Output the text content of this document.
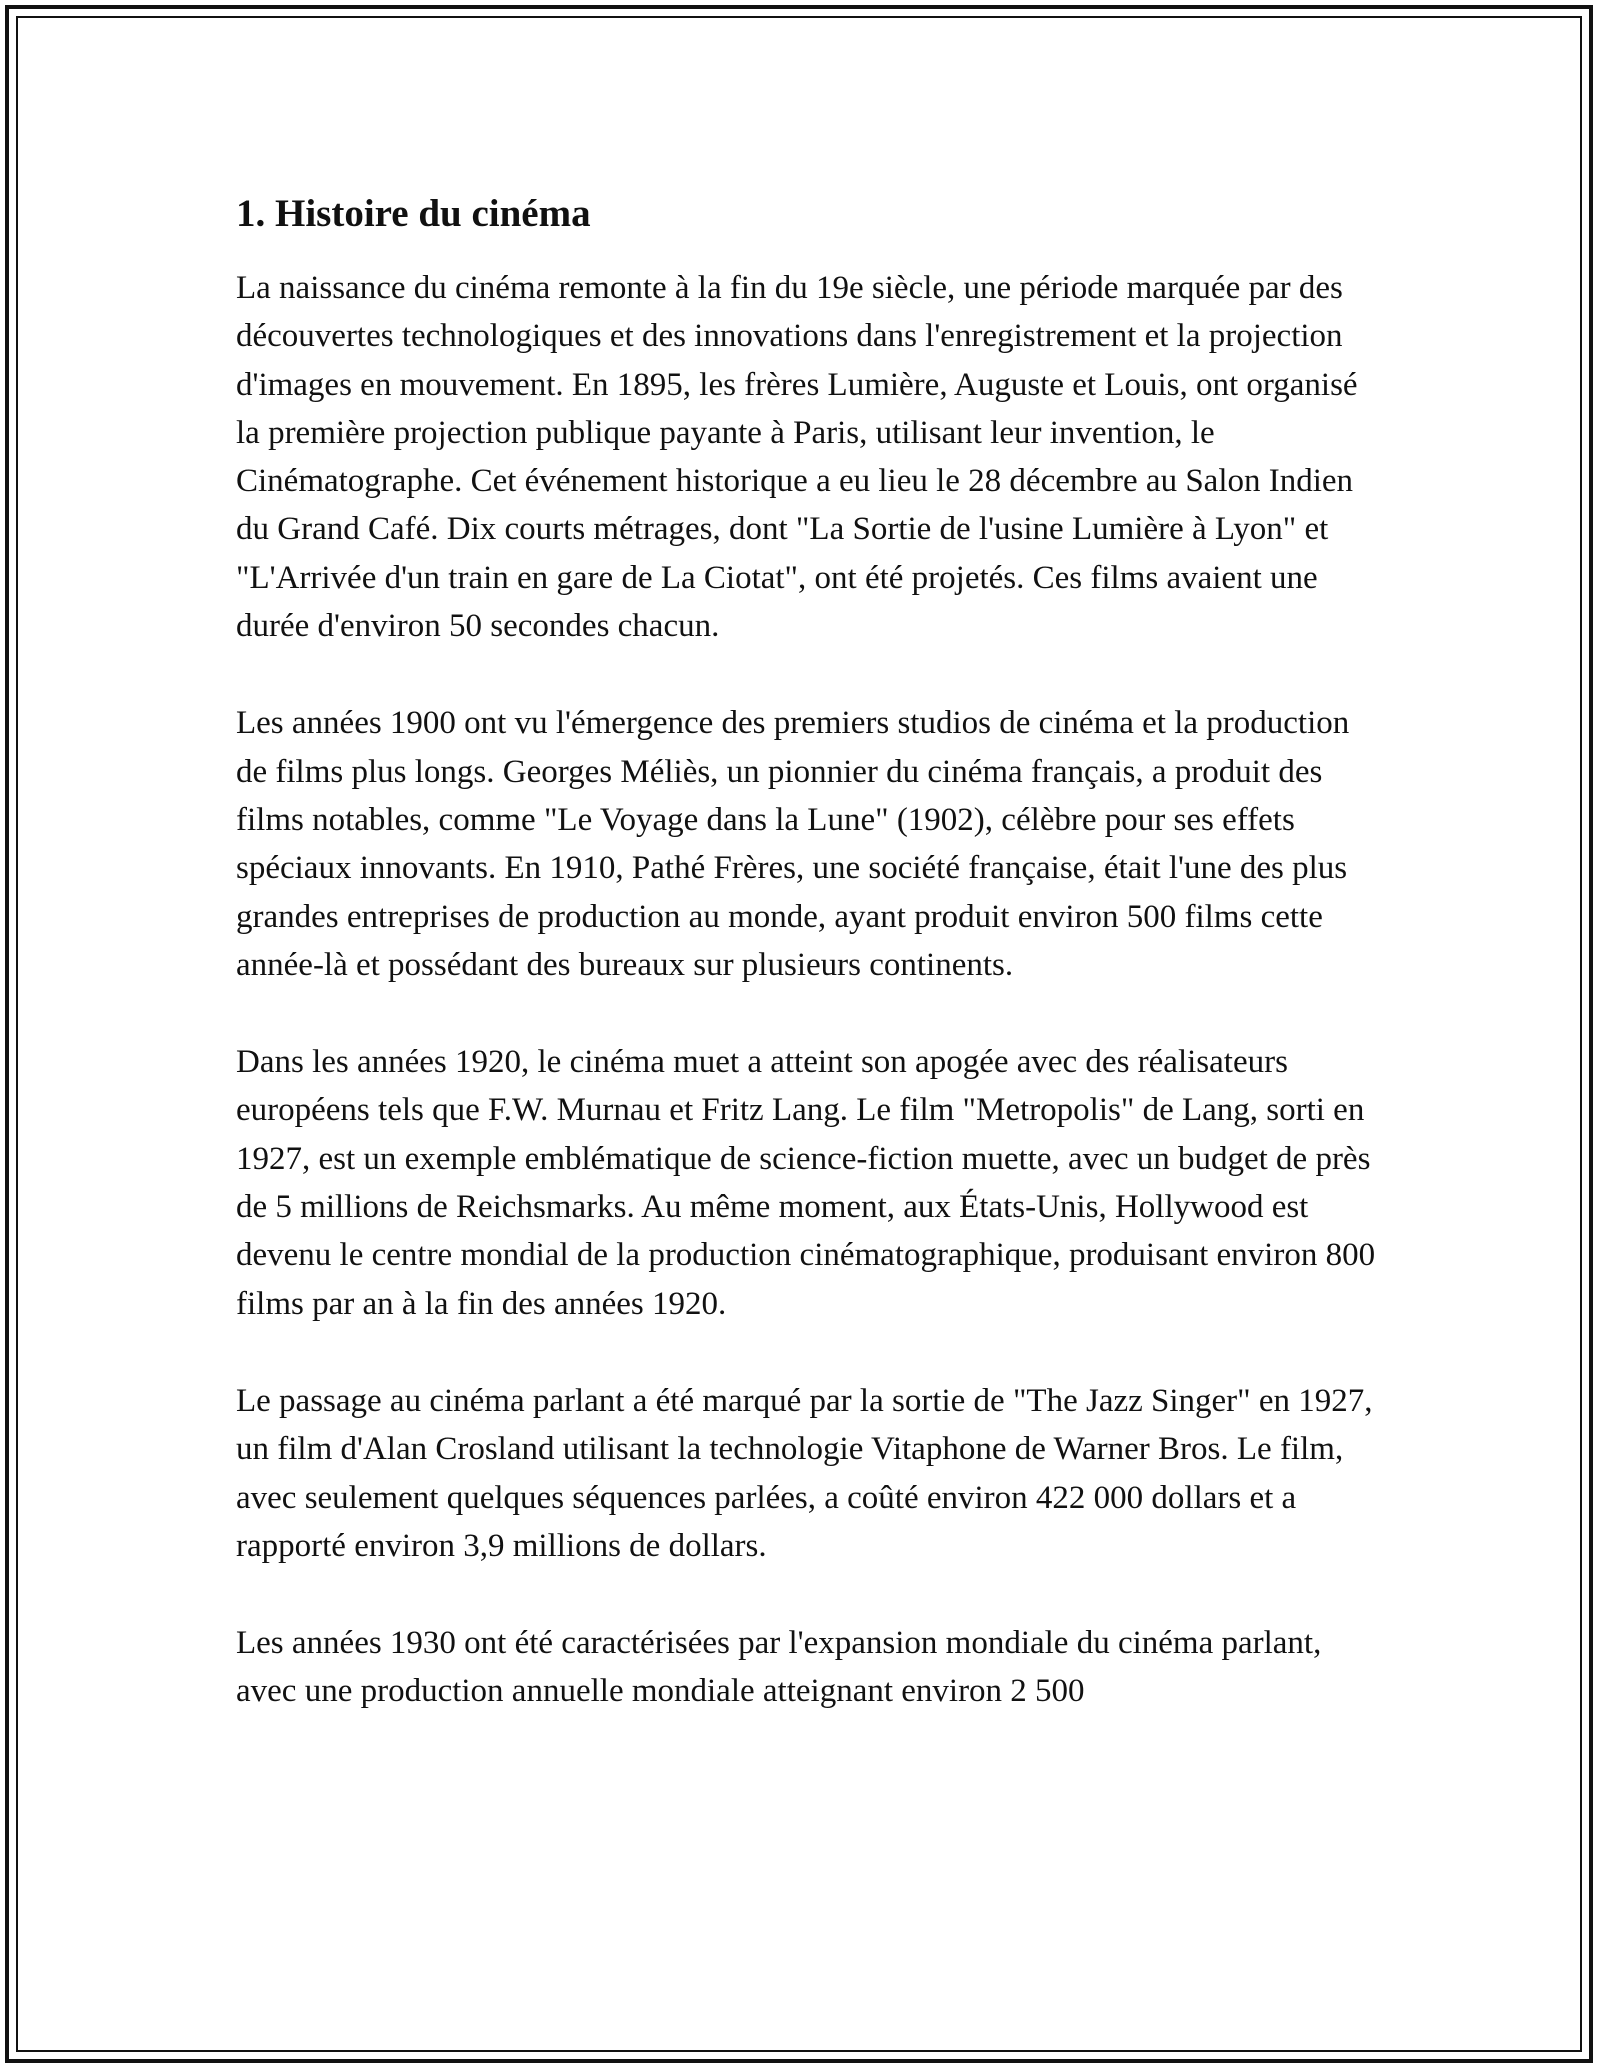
1. Histoire du cinéma

La naissance du cinéma remonte à la fin du 19e siècle, une période marquée par des découvertes technologiques et des innovations dans l'enregistrement et la projection d'images en mouvement. En 1895, les frères Lumière, Auguste et Louis, ont organisé la première projection publique payante à Paris, utilisant leur invention, le Cinématographe. Cet événement historique a eu lieu le 28 décembre au Salon Indien du Grand Café. Dix courts métrages, dont "La Sortie de l'usine Lumière à Lyon" et "L'Arrivée d'un train en gare de La Ciotat", ont été projetés. Ces films avaient une durée d'environ 50 secondes chacun.

Les années 1900 ont vu l'émergence des premiers studios de cinéma et la production de films plus longs. Georges Méliès, un pionnier du cinéma français, a produit des films notables, comme "Le Voyage dans la Lune" (1902), célèbre pour ses effets spéciaux innovants. En 1910, Pathé Frères, une société française, était l'une des plus grandes entreprises de production au monde, ayant produit environ 500 films cette année-là et possédant des bureaux sur plusieurs continents.

Dans les années 1920, le cinéma muet a atteint son apogée avec des réalisateurs européens tels que F.W. Murnau et Fritz Lang. Le film "Metropolis" de Lang, sorti en 1927, est un exemple emblématique de science-fiction muette, avec un budget de près de 5 millions de Reichsmarks. Au même moment, aux États-Unis, Hollywood est devenu le centre mondial de la production cinématographique, produisant environ 800 films par an à la fin des années 1920.

Le passage au cinéma parlant a été marqué par la sortie de "The Jazz Singer" en 1927, un film d'Alan Crosland utilisant la technologie Vitaphone de Warner Bros. Le film, avec seulement quelques séquences parlées, a coûté environ 422 000 dollars et a rapporté environ 3,9 millions de dollars.

Les années 1930 ont été caractérisées par l'expansion mondiale du cinéma parlant, avec une production annuelle mondiale atteignant environ 2 500
